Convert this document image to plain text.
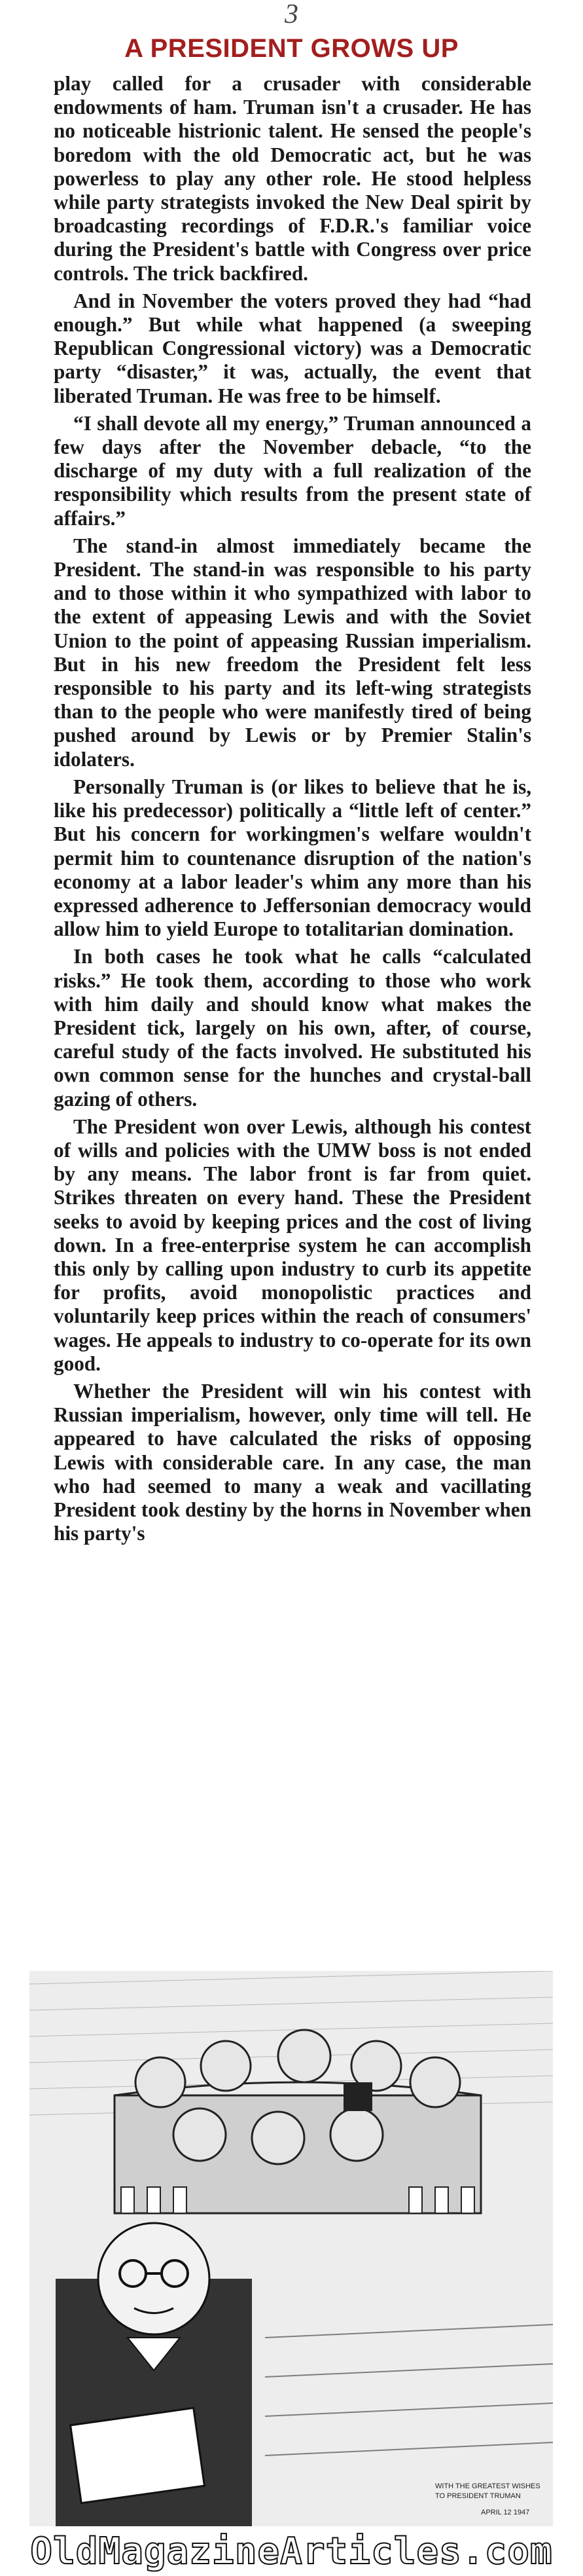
3
A PRESIDENT GROWS UP

play called for a crusader with considerable endowments of ham. Truman isn't a crusader. He has no noticeable histrionic talent. He sensed the people's boredom with the old Democratic act, but he was powerless to play any other role. He stood helpless while party strategists invoked the New Deal spirit by broadcasting recordings of F.D.R.'s familiar voice during the President's battle with Congress over price controls. The trick backfired.

And in November the voters proved they had “had enough.” But while what happened (a sweeping Republican Congressional victory) was a Democratic party “disaster,” it was, actually, the event that liberated Truman. He was free to be himself.

“I shall devote all my energy,” Truman announced a few days after the November debacle, “to the discharge of my duty with a full realization of the responsibility which results from the present state of affairs.”

The stand-in almost immediately became the President. The stand-in was responsible to his party and to those within it who sympathized with labor to the extent of appeasing Lewis and with the Soviet Union to the point of appeasing Russian imperialism. But in his new freedom the President felt less responsible to his party and its left-wing strategists than to the people who were manifestly tired of being pushed around by Lewis or by Premier Stalin's idolaters.

Personally Truman is (or likes to believe that he is, like his predecessor) politically a “little left of center.” But his concern for workingmen's welfare wouldn't permit him to countenance disruption of the nation's economy at a labor leader's whim any more than his expressed adherence to Jeffersonian democracy would allow him to yield Europe to totalitarian domination.

In both cases he took what he calls “calculated risks.” He took them, according to those who work with him daily and should know what makes the President tick, largely on his own, after, of course, careful study of the facts involved. He substituted his own common sense for the hunches and crystal-ball gazing of others.

The President won over Lewis, although his contest of wills and policies with the UMW boss is not ended by any means. The labor front is far from quiet. Strikes threaten on every hand. These the President seeks to avoid by keeping prices and the cost of living down. In a free-enterprise system he can accomplish this only by calling upon industry to curb its appetite for profits, avoid monopolistic practices and voluntarily keep prices within the reach of consumers' wages. He appeals to industry to co-operate for its own good.

Whether the President will win his contest with Russian imperialism, however, only time will tell. He appeared to have calculated the risks of opposing Lewis with considerable care. In any case, the man who had seemed to many a weak and vacillating President took destiny by the horns in November when his party's

WITH THE GREATEST WISHES
TO PRESIDENT TRUMAN
APRIL 12 1947
OldMagazineArticles.com
